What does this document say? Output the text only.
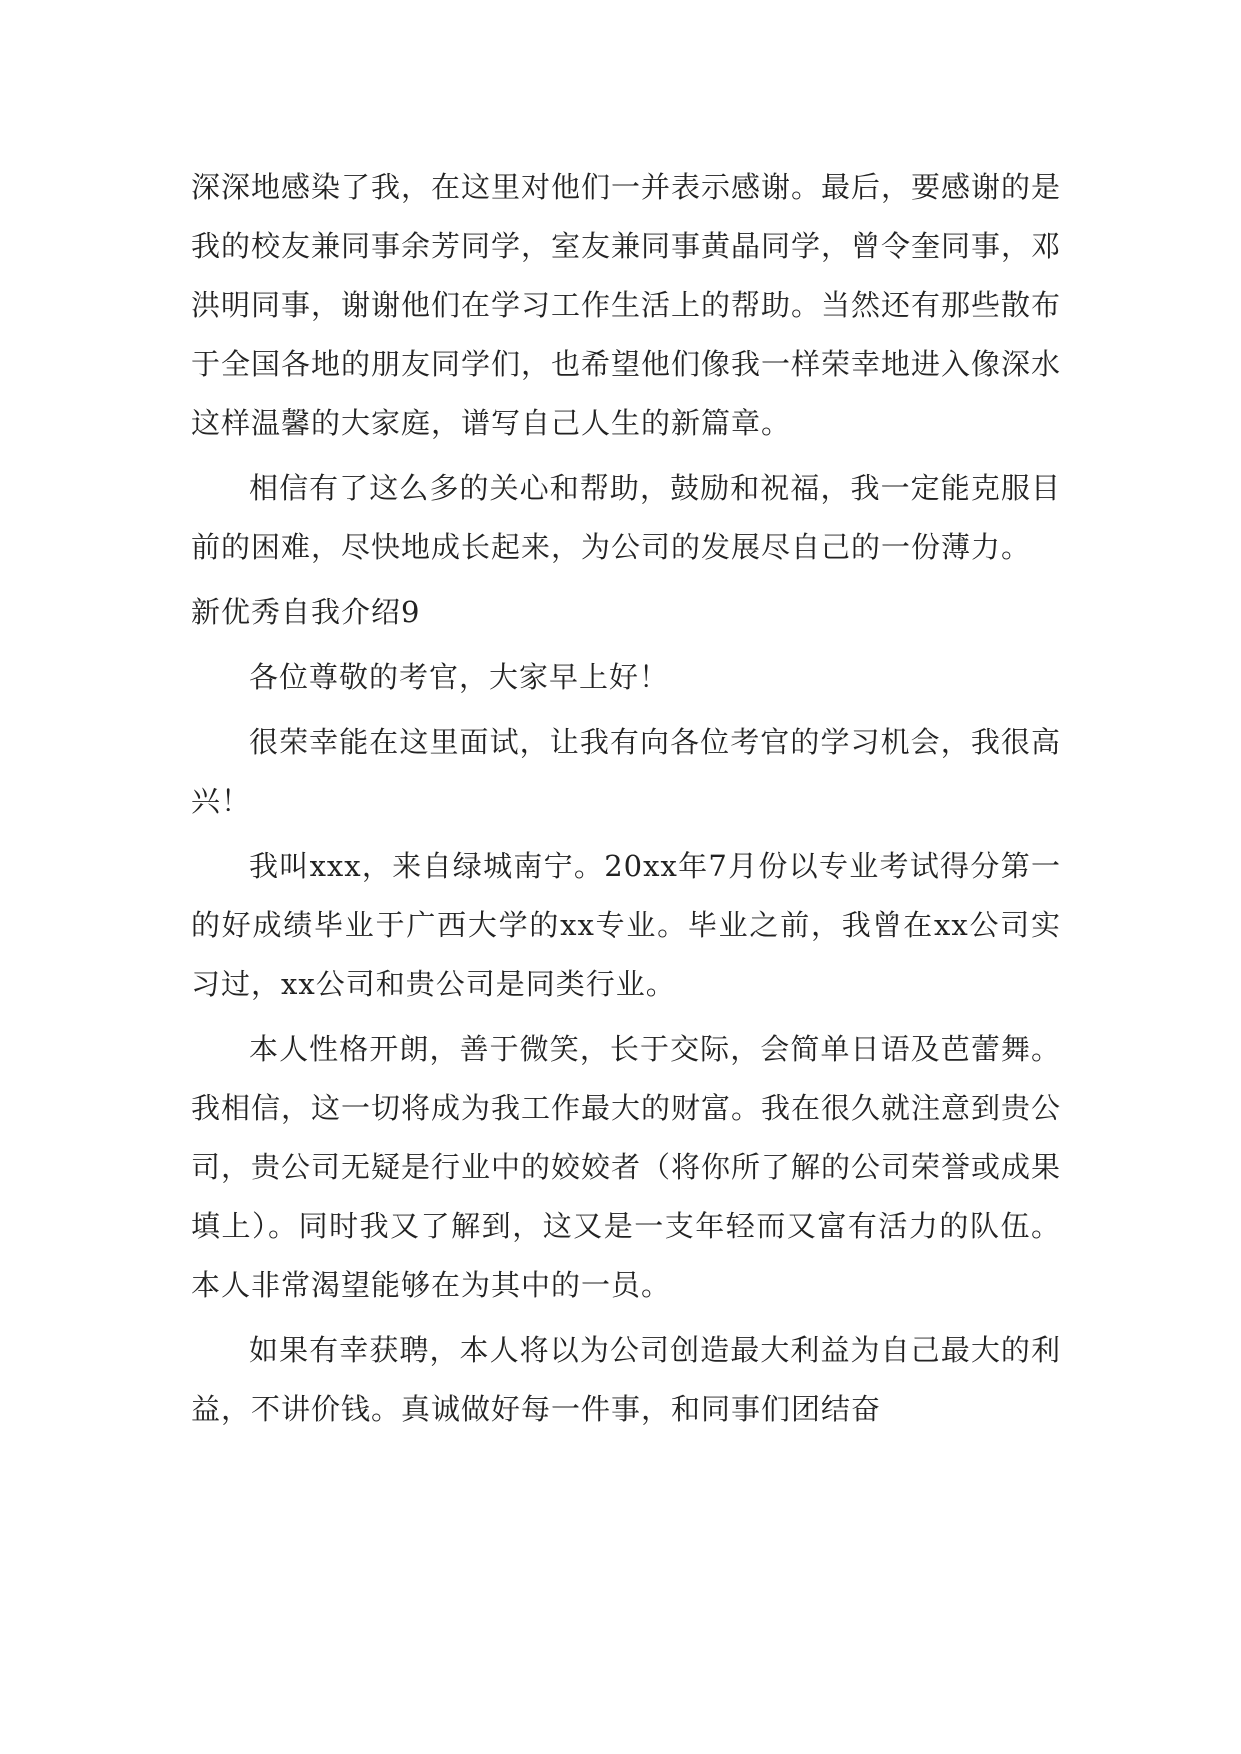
深深地感染了我，在这里对他们一并表示感谢。最后，要感谢的是我的校友兼同事余芳同学，室友兼同事黄晶同学，曾令奎同事，邓洪明同事，谢谢他们在学习工作生活上的帮助。当然还有那些散布于全国各地的朋友同学们，也希望他们像我一样荣幸地进入像深水这样温馨的大家庭，谱写自己人生的新篇章。

相信有了这么多的关心和帮助，鼓励和祝福，我一定能克服目前的困难，尽快地成长起来，为公司的发展尽自己的一份薄力。

新优秀自我介绍9

各位尊敬的考官，大家早上好！

很荣幸能在这里面试，让我有向各位考官的学习机会，我很高兴！

我叫xxx，来自绿城南宁。20xx年7月份以专业考试得分第一的好成绩毕业于广西大学的xx专业。毕业之前，我曾在xx公司实习过，xx公司和贵公司是同类行业。

本人性格开朗，善于微笑，长于交际，会简单日语及芭蕾舞。我相信，这一切将成为我工作最大的财富。我在很久就注意到贵公司，贵公司无疑是行业中的姣姣者（将你所了解的公司荣誉或成果填上）。同时我又了解到，这又是一支年轻而又富有活力的队伍。本人非常渴望能够在为其中的一员。

如果有幸获聘，本人将以为公司创造最大利益为自己最大的利益，不讲价钱。真诚做好每一件事，和同事们团结奋
